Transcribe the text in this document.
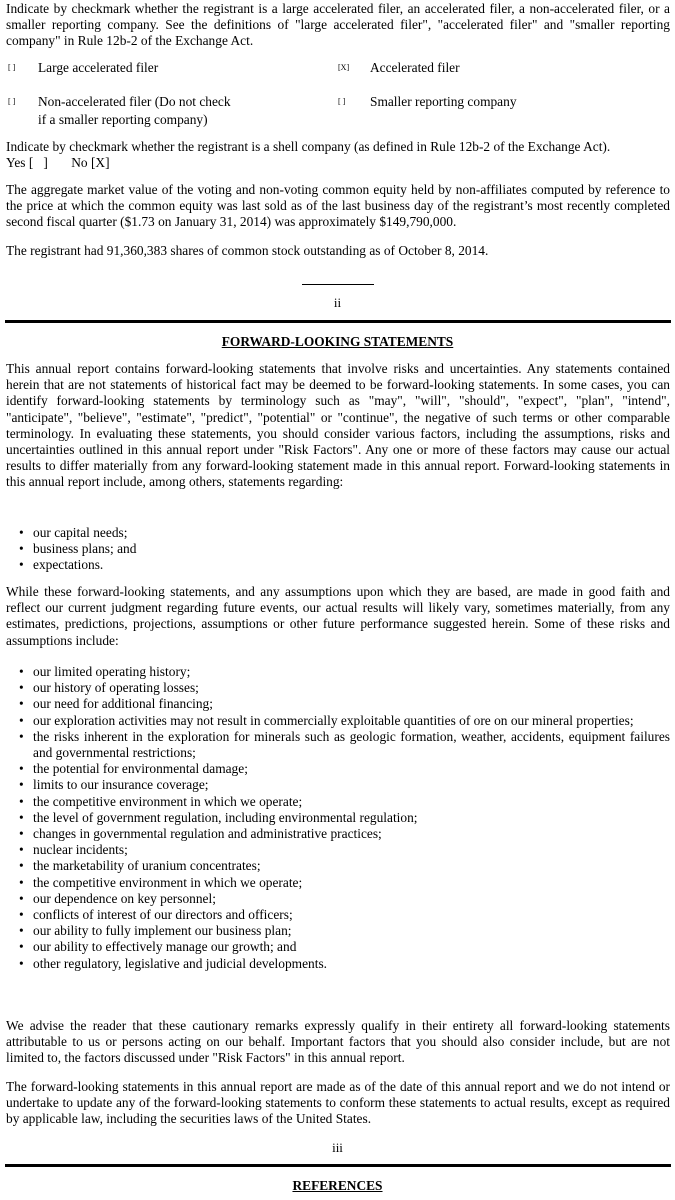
Indicate by checkmark whether the registrant is a large accelerated filer, an accelerated filer, a non-accelerated filer, or a smaller reporting company. See the definitions of "large accelerated filer", "accelerated filer" and "smaller reporting company" in Rule 12b-2 of the Exchange Act.

[ ] Large accelerated filer	[X] Accelerated filer
[ ] Non-accelerated filer (Do not check
if a smaller reporting company)
[ ] Smaller reporting company

Indicate by checkmark whether the registrant is a shell company (as defined in Rule 12b-2 of the Exchange Act).

Yes [   ]       No [X]

The aggregate market value of the voting and non-voting common equity held by non-affiliates computed by reference to the price at which the common equity was last sold as of the last business day of the registrant’s most recently completed second fiscal quarter ($1.73 on January 31, 2014) was approximately $149,790,000.

The registrant had 91,360,383 shares of common stock outstanding as of October 8, 2014.

ii
FORWARD-LOOKING STATEMENTS

This annual report contains forward-looking statements that involve risks and uncertainties. Any statements contained herein that are not statements of historical fact may be deemed to be forward-looking statements. In some cases, you can identify forward-looking statements by terminology such as "may", "will", "should", "expect", "plan", "intend", "anticipate", "believe", "estimate", "predict", "potential" or "continue", the negative of such terms or other comparable terminology. In evaluating these statements, you should consider various factors, including the assumptions, risks and uncertainties outlined in this annual report under "Risk Factors". Any one or more of these factors may cause our actual results to differ materially from any forward-looking statement made in this annual report. Forward-looking statements in this annual report include, among others, statements regarding:

• our capital needs;
• business plans; and
• expectations.

While these forward-looking statements, and any assumptions upon which they are based, are made in good faith and reflect our current judgment regarding future events, our actual results will likely vary, sometimes materially, from any estimates, predictions, projections, assumptions or other future performance suggested herein. Some of these risks and assumptions include:

• our limited operating history;
• our history of operating losses;
• our need for additional financing;
• our exploration activities may not result in commercially exploitable quantities of ore on our mineral properties;
• the risks inherent in the exploration for minerals such as geologic formation, weather, accidents, equipment failures and governmental restrictions;
• the potential for environmental damage;
• limits to our insurance coverage;
• the competitive environment in which we operate;
• the level of government regulation, including environmental regulation;
• changes in governmental regulation and administrative practices;
• nuclear incidents;
• the marketability of uranium concentrates;
• the competitive environment in which we operate;
• our dependence on key personnel;
• conflicts of interest of our directors and officers;
• our ability to fully implement our business plan;
• our ability to effectively manage our growth; and
• other regulatory, legislative and judicial developments.

We advise the reader that these cautionary remarks expressly qualify in their entirety all forward-looking statements attributable to us or persons acting on our behalf. Important factors that you should also consider include, but are not limited to, the factors discussed under "Risk Factors" in this annual report.

The forward-looking statements in this annual report are made as of the date of this annual report and we do not intend or undertake to update any of the forward-looking statements to conform these statements to actual results, except as required by applicable law, including the securities laws of the United States.

iii
REFERENCES
